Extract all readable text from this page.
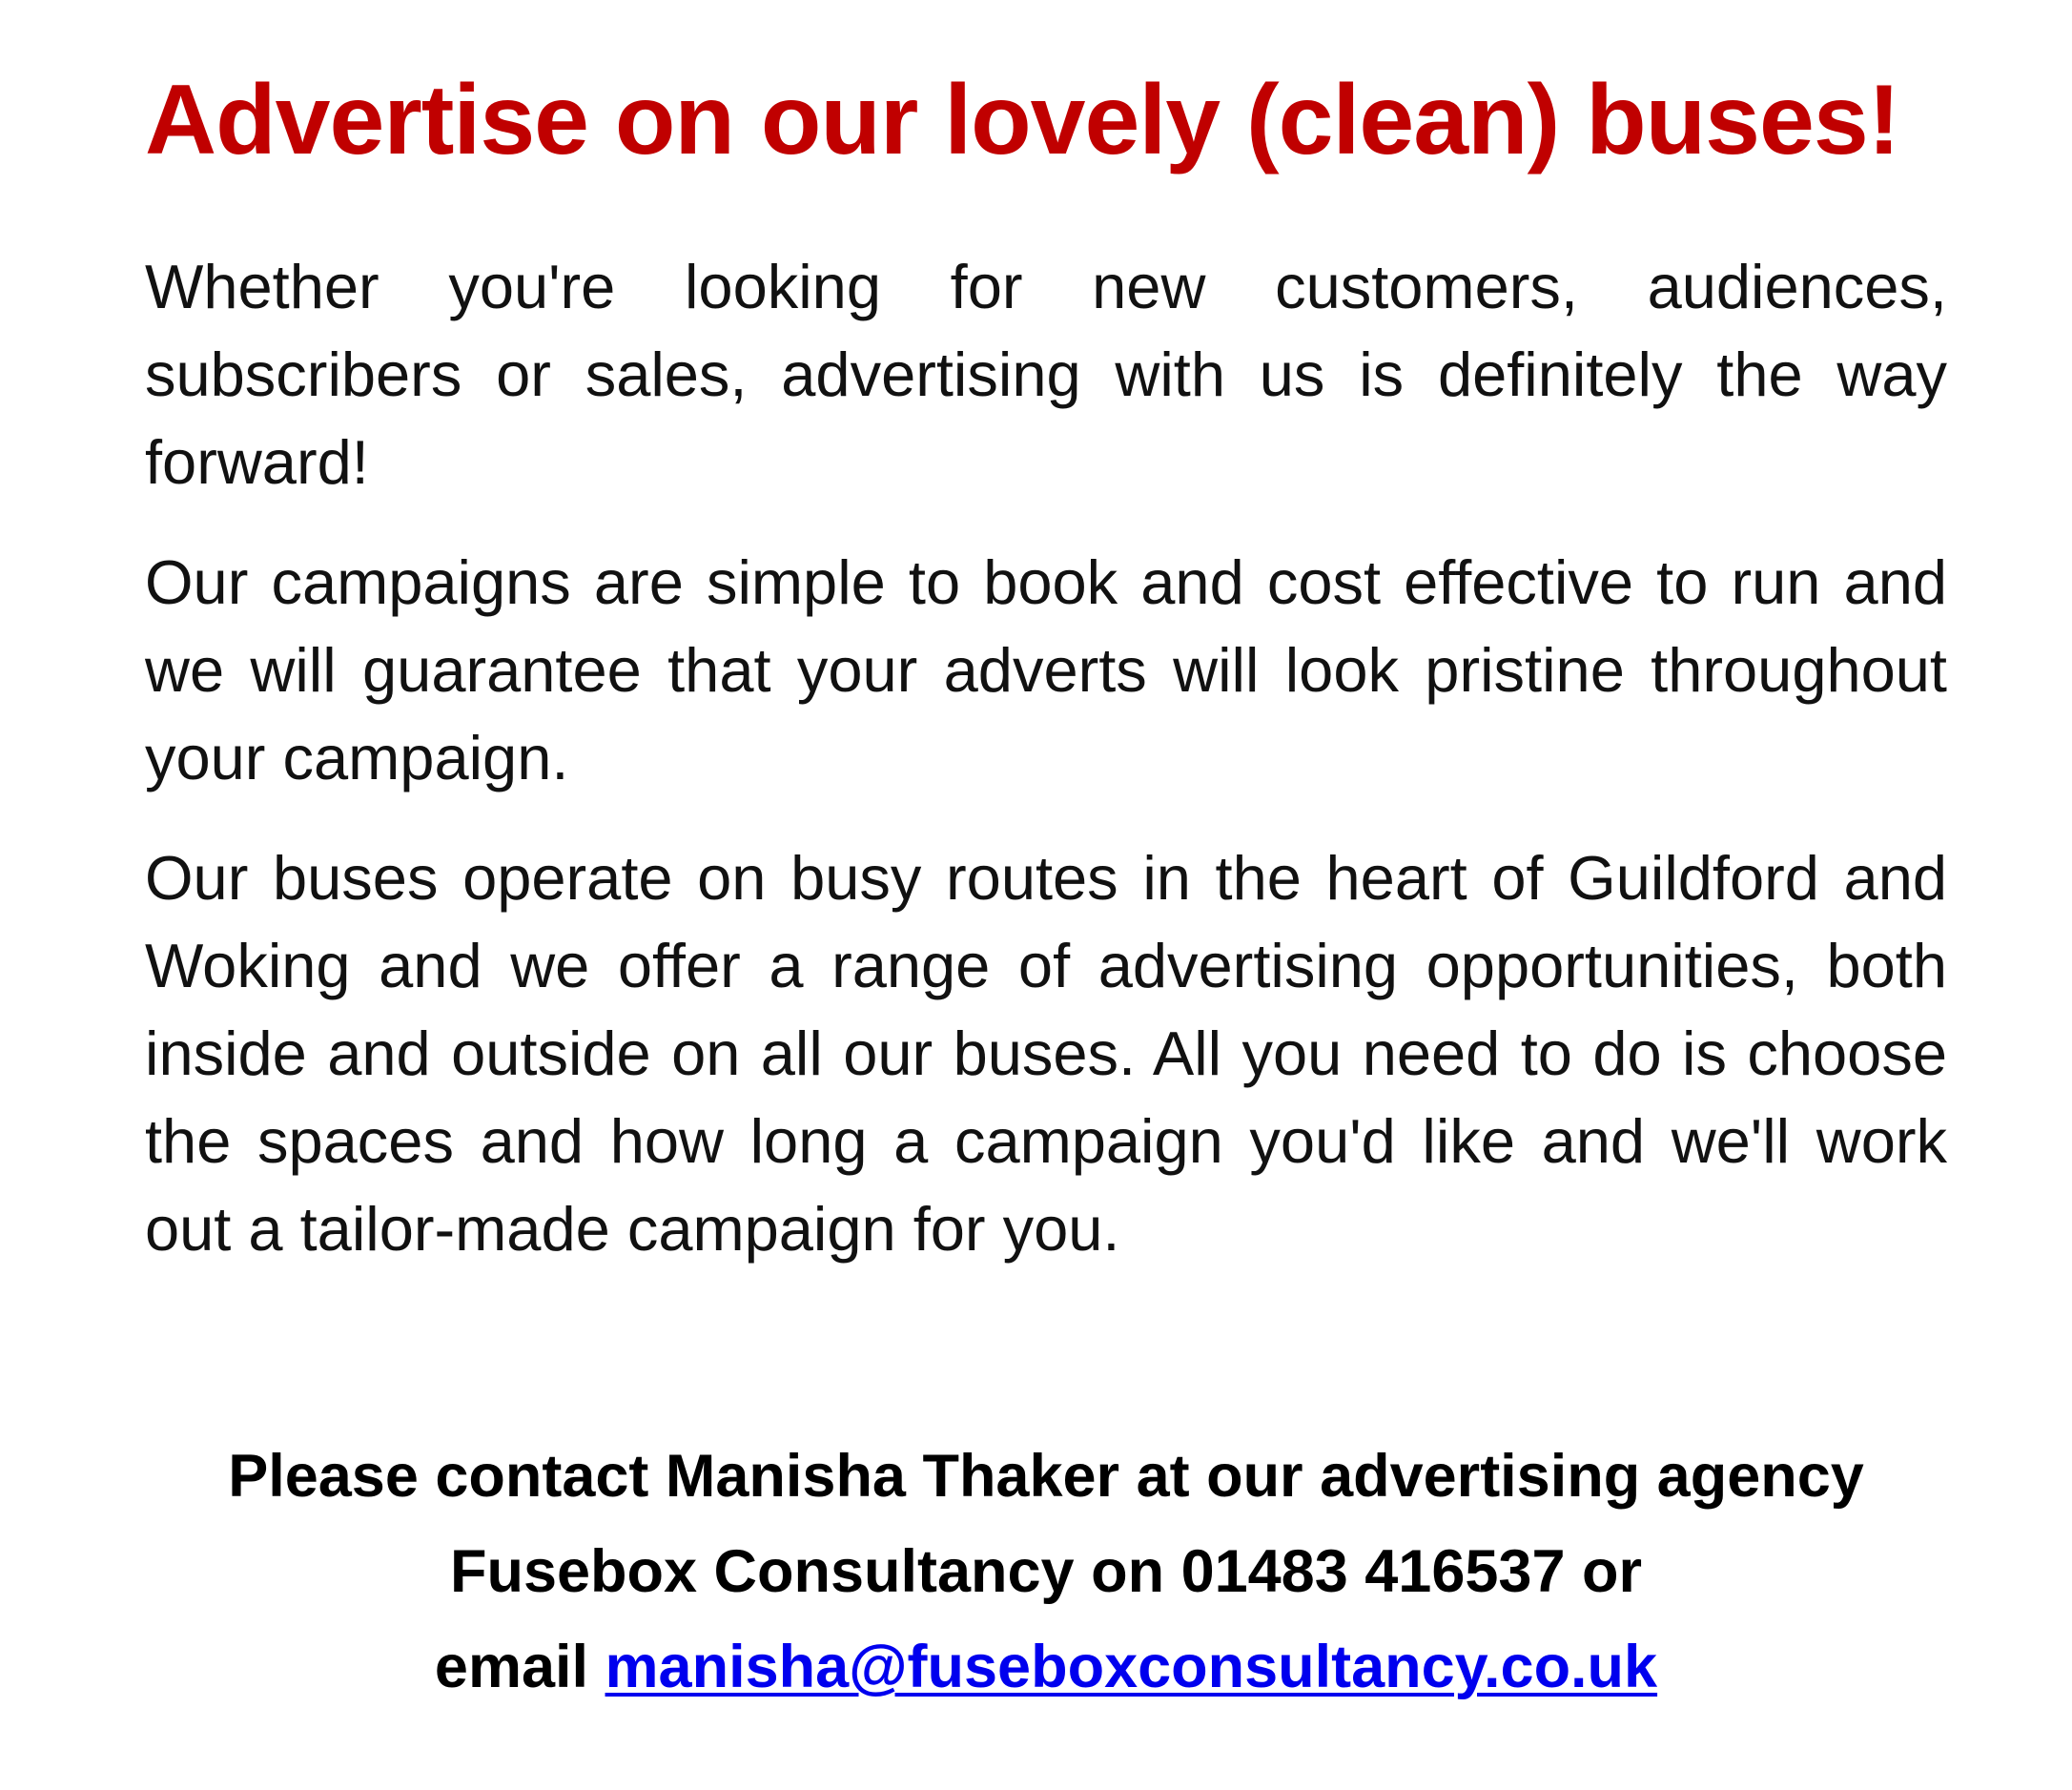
Advertise on our lovely (clean) buses!

Whether you're looking for new customers, audiences, subscribers or sales, advertising with us is definitely the way forward!

Our campaigns are simple to book and cost effective to run and we will guarantee that your adverts will look pristine throughout your campaign.

Our buses operate on busy routes in the heart of Guildford and Woking and we offer a range of advertising opportunities, both inside and outside on all our buses. All you need to do is choose the spaces and how long a campaign you'd like and we'll work out a tailor-made campaign for you.

Please contact Manisha Thaker at our advertising agency
Fusebox Consultancy on 01483 416537 or
email manisha@fuseboxconsultancy.co.uk
